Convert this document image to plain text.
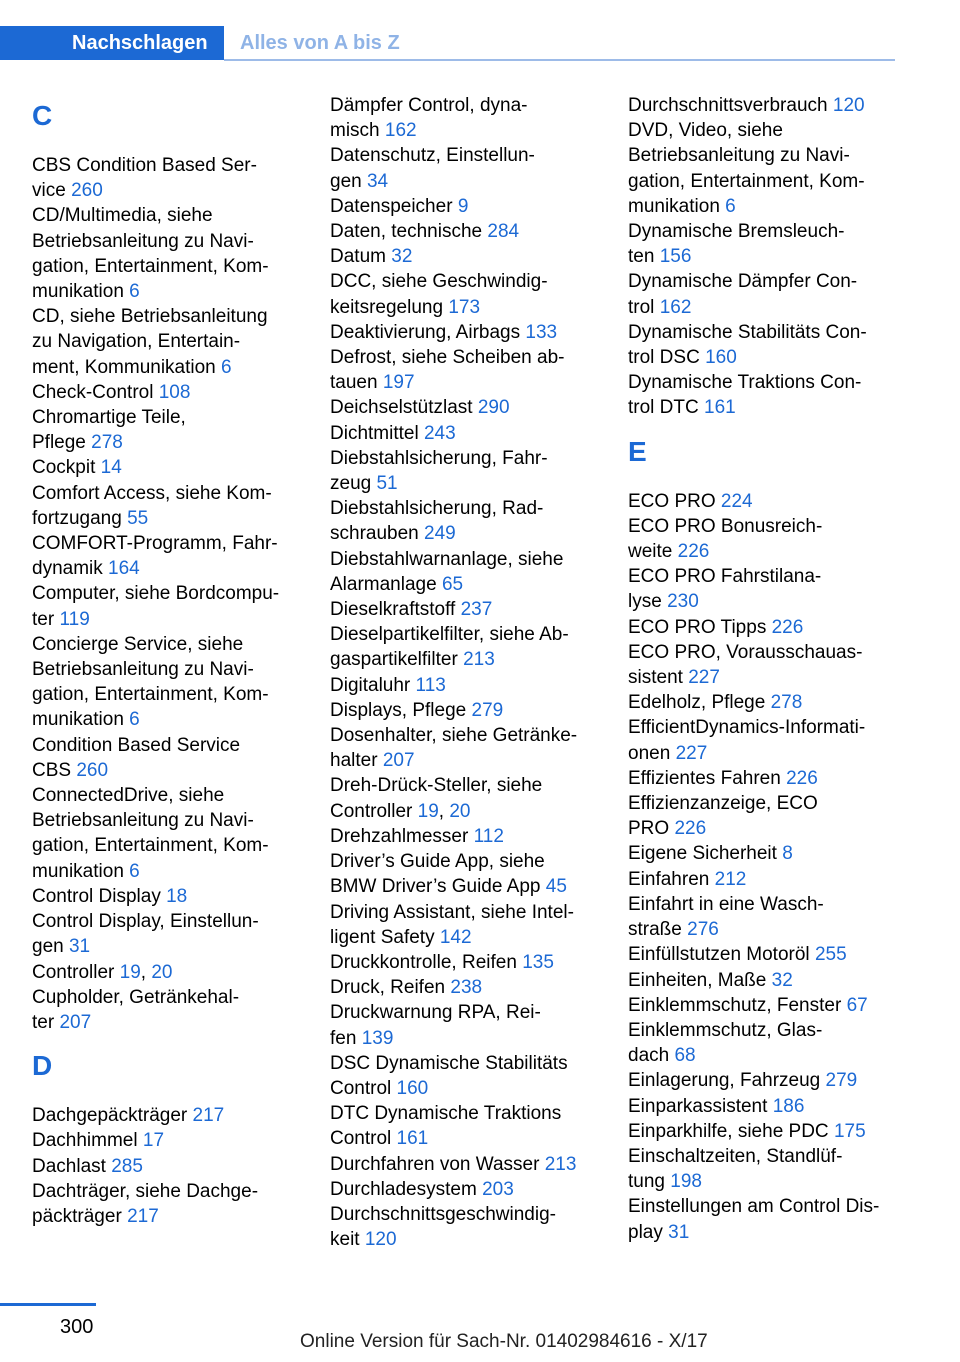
Nachschlagen	Alles von A bis Z
C
CBS Condition Based Ser-
vice 260
CD/Multimedia, siehe
Betriebsanleitung zu Navi-
gation, Entertainment, Kom-
munikation 6
CD, siehe Betriebsanleitung
zu Navigation, Entertain-
ment, Kommunikation 6
Check-Control 108
Chromartige Teile,
Pflege 278
Cockpit 14
Comfort Access, siehe Kom-
fortzugang 55
COMFORT-Programm, Fahr-
dynamik 164
Computer, siehe Bordcompu-
ter 119
Concierge Service, siehe
Betriebsanleitung zu Navi-
gation, Entertainment, Kom-
munikation 6
Condition Based Service
CBS 260
ConnectedDrive, siehe
Betriebsanleitung zu Navi-
gation, Entertainment, Kom-
munikation 6
Control Display 18
Control Display, Einstellun-
gen 31
Controller 19, 20
Cupholder, Getränkehal-
ter 207
D
Dachgepäckträger 217
Dachhimmel 17
Dachlast 285
Dachträger, siehe Dachge-
päckträger 217
Dämpfer Control, dyna-
misch 162
Datenschutz, Einstellun-
gen 34
Datenspeicher 9
Daten, technische 284
Datum 32
DCC, siehe Geschwindig-
keitsregelung 173
Deaktivierung, Airbags 133
Defrost, siehe Scheiben ab-
tauen 197
Deichselstützlast 290
Dichtmittel 243
Diebstahlsicherung, Fahr-
zeug 51
Diebstahlsicherung, Rad-
schrauben 249
Diebstahlwarnanlage, siehe
Alarmanlage 65
Dieselkraftstoff 237
Dieselpartikelfilter, siehe Ab-
gaspartikelfilter 213
Digitaluhr 113
Displays, Pflege 279
Dosenhalter, siehe Getränke-
halter 207
Dreh-Drück-Steller, siehe
Controller 19, 20
Drehzahlmesser 112
Driver’s Guide App, siehe
BMW Driver’s Guide App 45
Driving Assistant, siehe Intel-
ligent Safety 142
Druckkontrolle, Reifen 135
Druck, Reifen 238
Druckwarnung RPA, Rei-
fen 139
DSC Dynamische Stabilitäts
Control 160
DTC Dynamische Traktions
Control 161
Durchfahren von Wasser 213
Durchladesystem 203
Durchschnittsgeschwindig-
keit 120
Durchschnittsverbrauch 120
DVD, Video, siehe
Betriebsanleitung zu Navi-
gation, Entertainment, Kom-
munikation 6
Dynamische Bremsleuch-
ten 156
Dynamische Dämpfer Con-
trol 162
Dynamische Stabilitäts Con-
trol DSC 160
Dynamische Traktions Con-
trol DTC 161
E
ECO PRO 224
ECO PRO Bonusreich-
weite 226
ECO PRO Fahrstilana-
lyse 230
ECO PRO Tipps 226
ECO PRO, Vorausschauas-
sistent 227
Edelholz, Pflege 278
EfficientDynamics-Informati-
onen 227
Effizientes Fahren 226
Effizienzanzeige, ECO
PRO 226
Eigene Sicherheit 8
Einfahren 212
Einfahrt in eine Wasch-
straße 276
Einfüllstutzen Motoröl 255
Einheiten, Maße 32
Einklemmschutz, Fenster 67
Einklemmschutz, Glas-
dach 68
Einlagerung, Fahrzeug 279
Einparkassistent 186
Einparkhilfe, siehe PDC 175
Einschaltzeiten, Standlüf-
tung 198
Einstellungen am Control Dis-
play 31
300
Online Version für Sach-Nr. 01402984616 - X/17
